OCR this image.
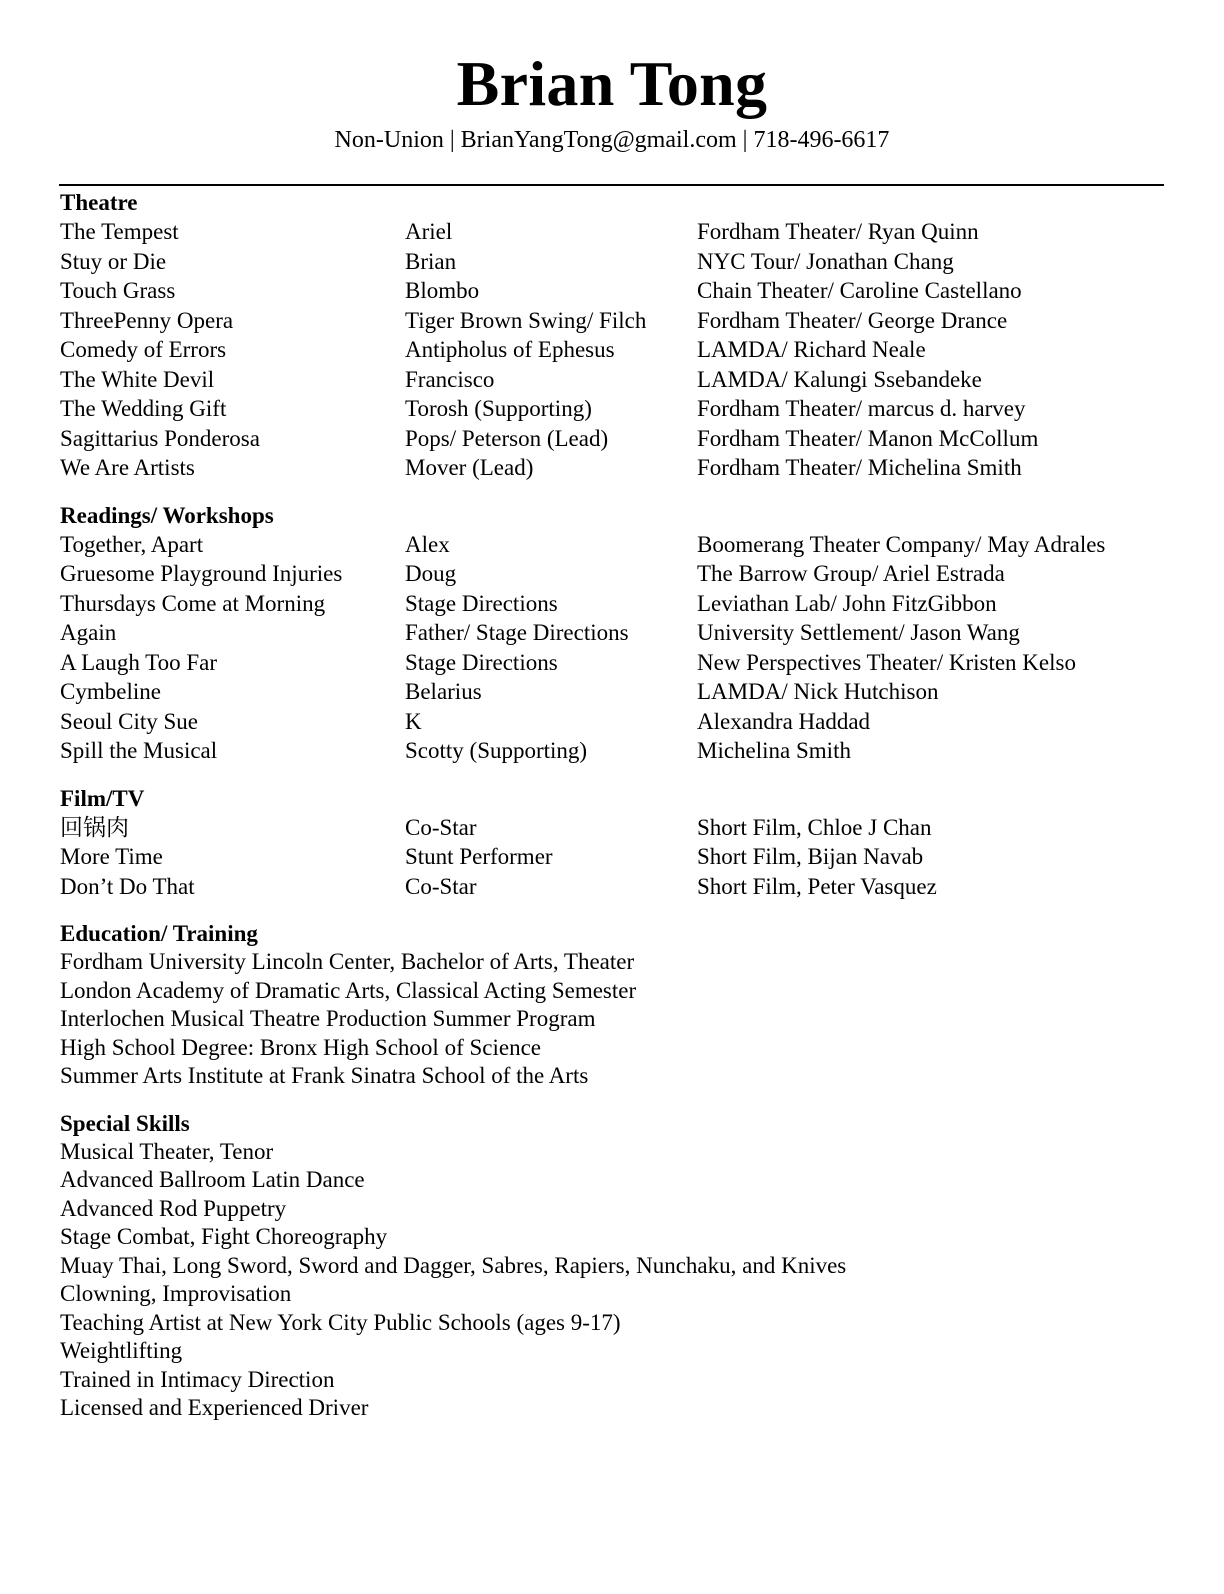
Brian Tong
Non-Union | BrianYangTong@gmail.com | 718-496-6617
Theatre
The Tempest	Ariel	Fordham Theater/ Ryan Quinn
Stuy or Die	Brian	NYC Tour/ Jonathan Chang
Touch Grass	Blombo	Chain Theater/ Caroline Castellano
ThreePenny Opera	Tiger Brown Swing/ Filch	Fordham Theater/ George Drance
Comedy of Errors	Antipholus of Ephesus	LAMDA/ Richard Neale
The White Devil	Francisco	LAMDA/ Kalungi Ssebandeke
The Wedding Gift	Torosh (Supporting)	Fordham Theater/ marcus d. harvey
Sagittarius Ponderosa	Pops/ Peterson (Lead)	Fordham Theater/ Manon McCollum
We Are Artists	Mover (Lead)	Fordham Theater/ Michelina Smith
Readings/ Workshops
Together, Apart	Alex	Boomerang Theater Company/ May Adrales
Gruesome Playground Injuries	Doug	The Barrow Group/ Ariel Estrada
Thursdays Come at Morning	Stage Directions	Leviathan Lab/ John FitzGibbon
Again	Father/ Stage Directions	University Settlement/ Jason Wang
A Laugh Too Far	Stage Directions	New Perspectives Theater/ Kristen Kelso
Cymbeline	Belarius	LAMDA/ Nick Hutchison
Seoul City Sue	K	Alexandra Haddad
Spill the Musical	Scotty (Supporting)	Michelina Smith
Film/TV
回锅肉	Co-Star	Short Film, Chloe J Chan
More Time	Stunt Performer	Short Film, Bijan Navab
Don’t Do That	Co-Star	Short Film, Peter Vasquez
Education/ Training
Fordham University Lincoln Center, Bachelor of Arts, Theater
London Academy of Dramatic Arts, Classical Acting Semester
Interlochen Musical Theatre Production Summer Program
High School Degree: Bronx High School of Science
Summer Arts Institute at Frank Sinatra School of the Arts
Special Skills
Musical Theater, Tenor
Advanced Ballroom Latin Dance
Advanced Rod Puppetry
Stage Combat, Fight Choreography
Muay Thai, Long Sword, Sword and Dagger, Sabres, Rapiers, Nunchaku, and Knives
Clowning, Improvisation
Teaching Artist at New York City Public Schools (ages 9-17)
Weightlifting
Trained in Intimacy Direction
Licensed and Experienced Driver
